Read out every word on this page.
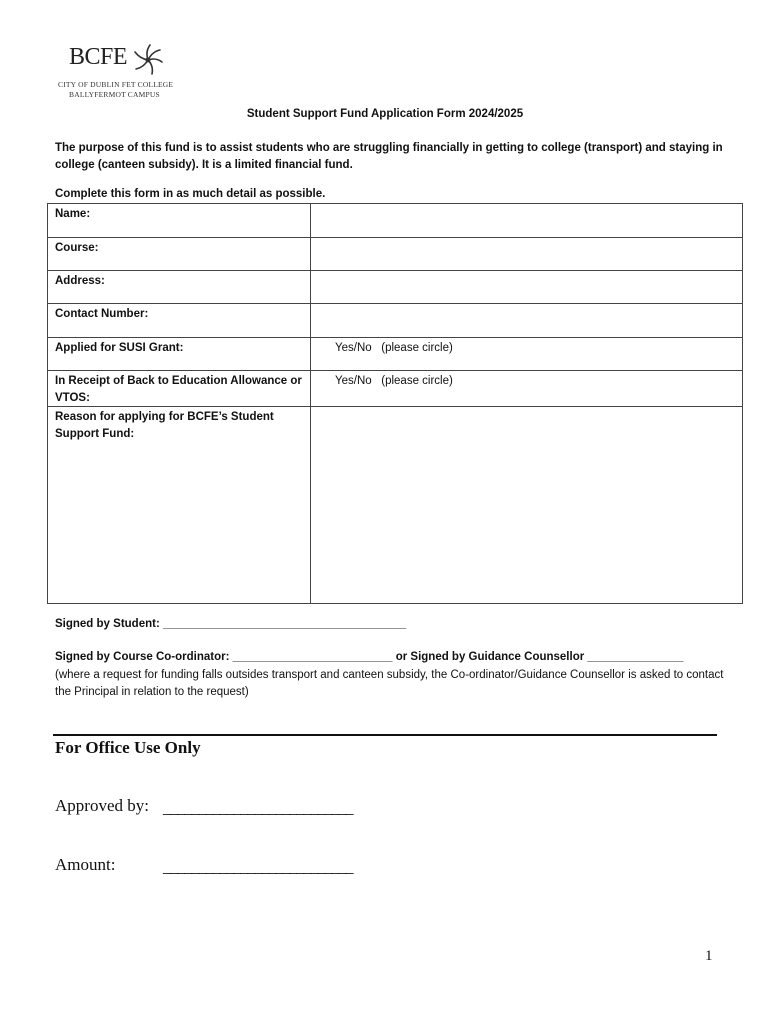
BCFE
CITY OF DUBLIN FET COLLEGE
BALLYFERMOT CAMPUS
Student Support Fund Application Form 2024/2025
The purpose of this fund is to assist students who are struggling financially in getting to college (transport) and staying in college (canteen subsidy). It is a limited financial fund.
Complete this form in as much detail as possible.
Name:	
Course:	
Address:	
Contact Number:	
Applied for SUSI Grant:	Yes/No   (please circle)
In Receipt of Back to Education Allowance or VTOS:	Yes/No   (please circle)
Reason for applying for BCFE’s Student Support Fund:	
Signed by Student: ______________________________________
Signed by Course Co-ordinator: _________________________ or Signed by Guidance Counsellor _______________
(where a request for funding falls outsides transport and canteen subsidy, the Co-ordinator/Guidance Counsellor is asked to contact the Principal in relation to the request)
For Office Use Only
Approved by: ___________________________
Amount:	___________________________
1
